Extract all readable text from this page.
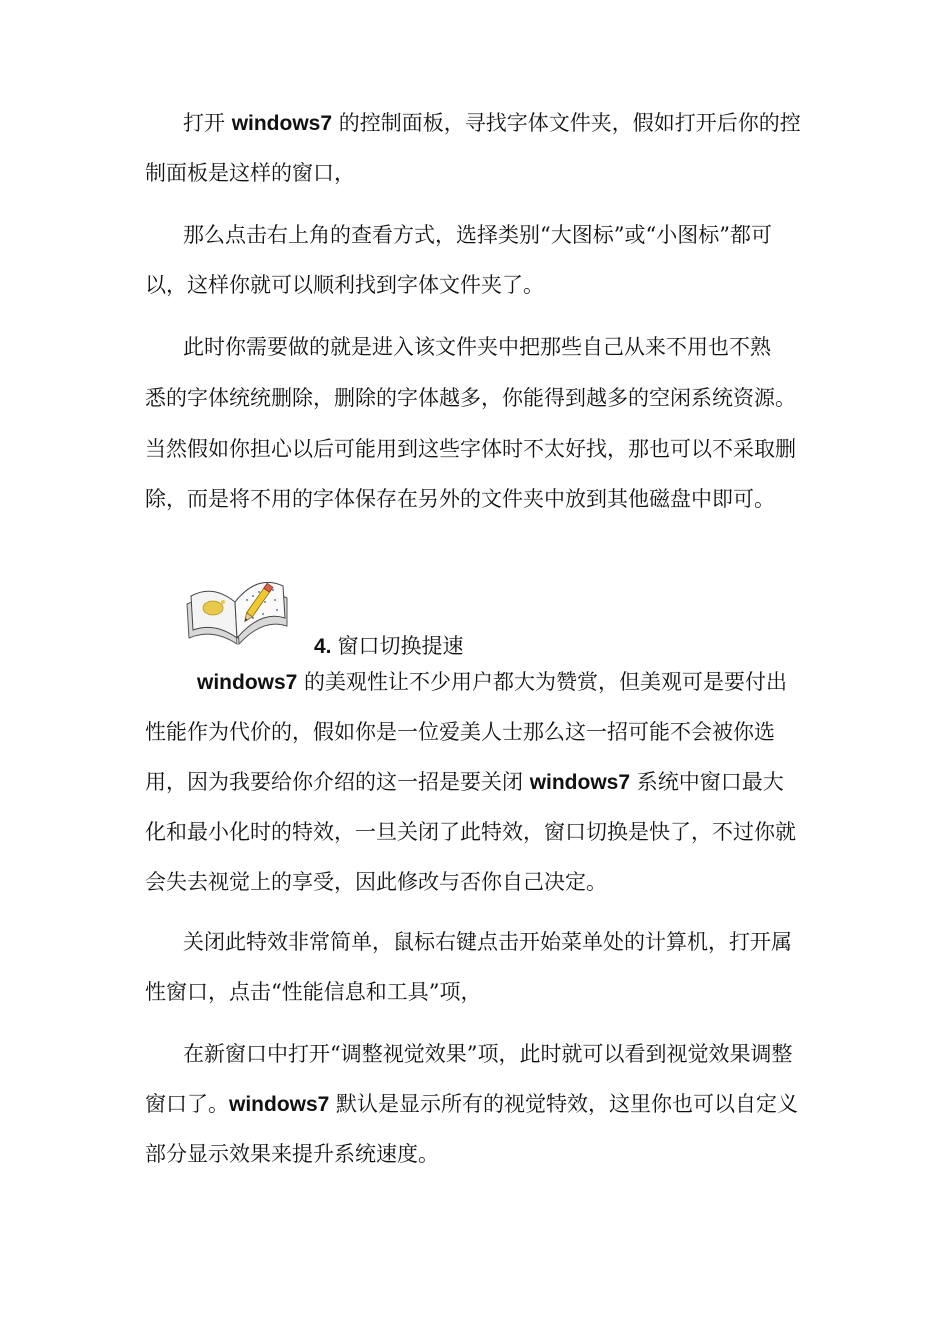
打开 windows7 的控制面板，寻找字体文件夹，假如打开后你的控
制面板是这样的窗口，
那么点击右上角的查看方式，选择类别“大图标”或“小图标”都可
以，这样你就可以顺利找到字体文件夹了。
此时你需要做的就是进入该文件夹中把那些自己从来不用也不熟
悉的字体统统删除，删除的字体越多，你能得到越多的空闲系统资源。
当然假如你担心以后可能用到这些字体时不太好找，那也可以不采取删
除，而是将不用的字体保存在另外的文件夹中放到其他磁盘中即可。
windows7 的美观性让不少用户都大为赞赏，但美观可是要付出
性能作为代价的，假如你是一位爱美人士那么这一招可能不会被你选
用，因为我要给你介绍的这一招是要关闭 windows7 系统中窗口最大
化和最小化时的特效，一旦关闭了此特效，窗口切换是快了，不过你就
会失去视觉上的享受，因此修改与否你自己决定。
关闭此特效非常简单，鼠标右键点击开始菜单处的计算机，打开属
性窗口，点击“性能信息和工具”项，
在新窗口中打开“调整视觉效果”项，此时就可以看到视觉效果调整
窗口了。windows7 默认是显示所有的视觉特效，这里你也可以自定义
部分显示效果来提升系统速度。
4. 窗口切换提速
